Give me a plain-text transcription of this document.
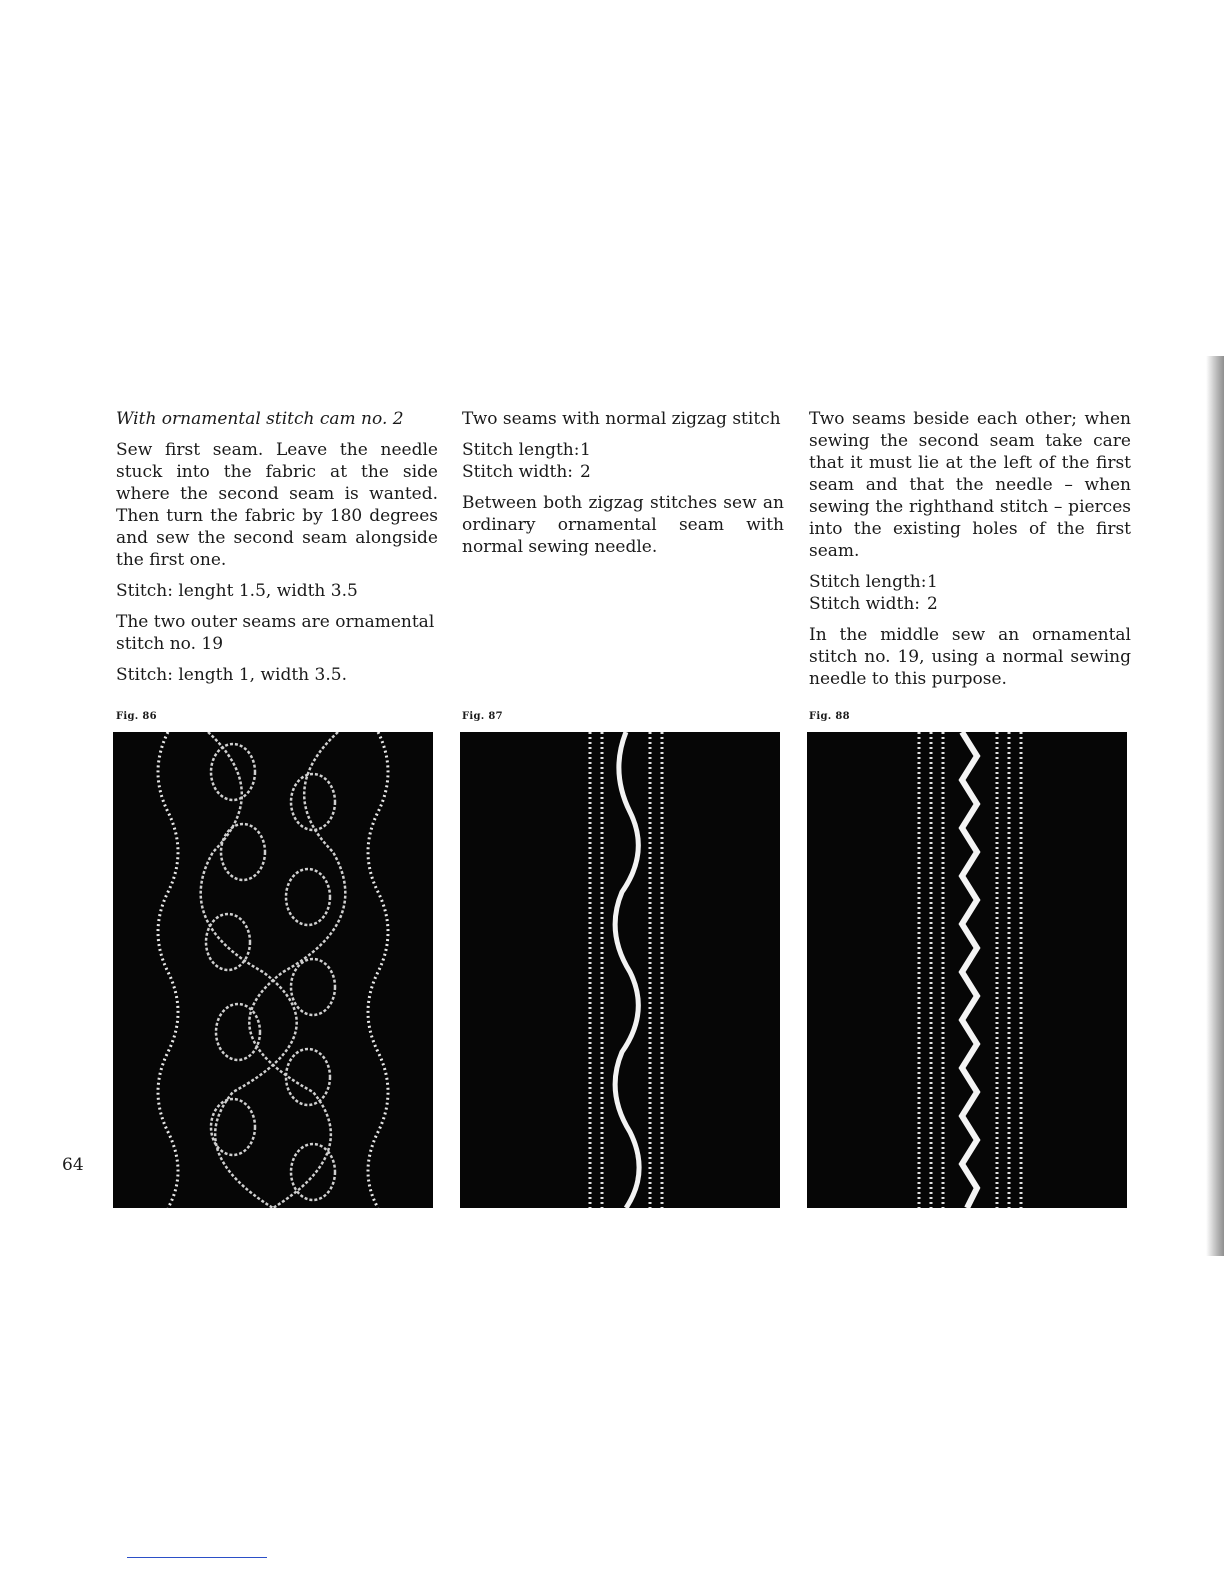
With ornamental stitch cam no. 2

Sew first seam. Leave the needle stuck into the fabric at the side where the second seam is wanted. Then turn the fabric by 180 degrees and sew the second seam alongside the first one.

Stitch: lenght 1.5, width 3.5

The two outer seams are ornamental stitch no. 19

Stitch: length 1, width 3.5.

Two seams with normal zigzag stitch

Stitch length: 1
Stitch width: 2

Between both zigzag stitches sew an ordinary ornamental seam with normal sewing needle.

Two seams beside each other; when sewing the second seam take care that it must lie at the left of the first seam and that the needle – when sewing the righthand stitch – pierces into the existing holes of the first seam.

Stitch length: 1
Stitch width: 2

In the middle sew an ornamental stitch no. 19, using a normal sewing needle to this purpose.

Fig. 86	Fig. 87	Fig. 88
64
